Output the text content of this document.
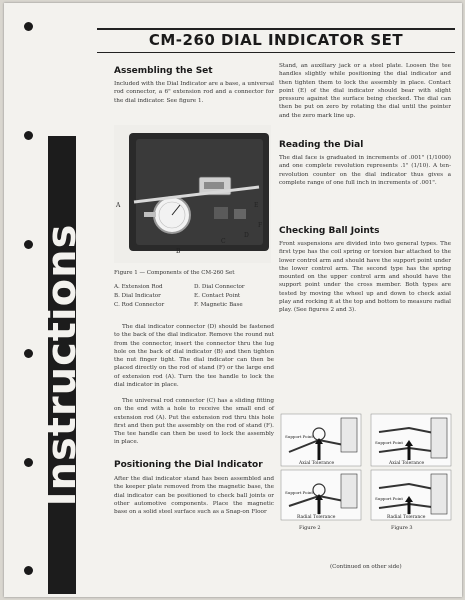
Instructions
CM-260 DIAL INDICATOR SET
Assembling the Set

Included with the Dial Indicator are a base, a universal rod connector, a 6" extension rod and a connector for the dial indicator. See figure 1.

A
B
C
D
E
F
Figure 1 — Components of the CM-260 Set
A. Extension Rod	D. Dial Connector
B. Dial Indicator	E. Contact Point
C. Rod Connector	F. Magnetic Base

The dial indicator connector (D) should be fastened to the back of the dial indicator. Remove the round nut from the connector, insert the connector thru the lug hole on the back of dial indicator (B) and then tighten the nut finger tight. The dial indicator can then be placed directly on the rod of stand (F) or the large end of extension rod (A). Turn the tee handle to lock the dial indicator in place.

The universal rod connector (C) has a sliding fitting on the end with a hole to receive the small end of extension rod (A). Put the extension rod thru this hole first and then put the assembly on the rod of stand (F). The tee handle can then be used to lock the assembly in place.

Positioning the Dial Indicator

After the dial indicator stand has been assembled and the keeper plate removed from the magnetic base, the dial indicator can be positioned to check ball joints or other automotive components. Place the magnetic base on a solid steel surface such as a Snap-on Floor

Stand, an auxiliary jack or a steel plate. Loosen the tee handles slightly while positioning the dial indicator and then tighten them to lock the assembly in place. Contact point (E) of the dial indicator should bear with slight pressure against the surface being checked. The dial can then be put on zero by rotating the dial until the pointer and the zero mark line up.

Reading the Dial

The dial face is graduated in increments of .001" (1/1000) and one complete revolution represents .1" (1/10). A ten-revolution counter on the dial indicator thus gives a complete range of one full inch in increments of .001".

Checking Ball Joints

Front suspensions are divided into two general types. The first type has the coil spring or torsion bar attached to the lower control arm and should have the support point under the lower control arm. The second type has the spring mounted on the upper control arm and should have the support point under the cross member. Both types are tested by moving the wheel up and down to check axial play and rocking it at the top and bottom to measure radial play. (See figures 2 and 3).

Support Point
Axial Tolerance
Support Point
Axial Tolerance
Support Point
Radial Tolerance
Support Point
Radial Tolerance
Figure 2	Figure 3
(Continued on other side)
